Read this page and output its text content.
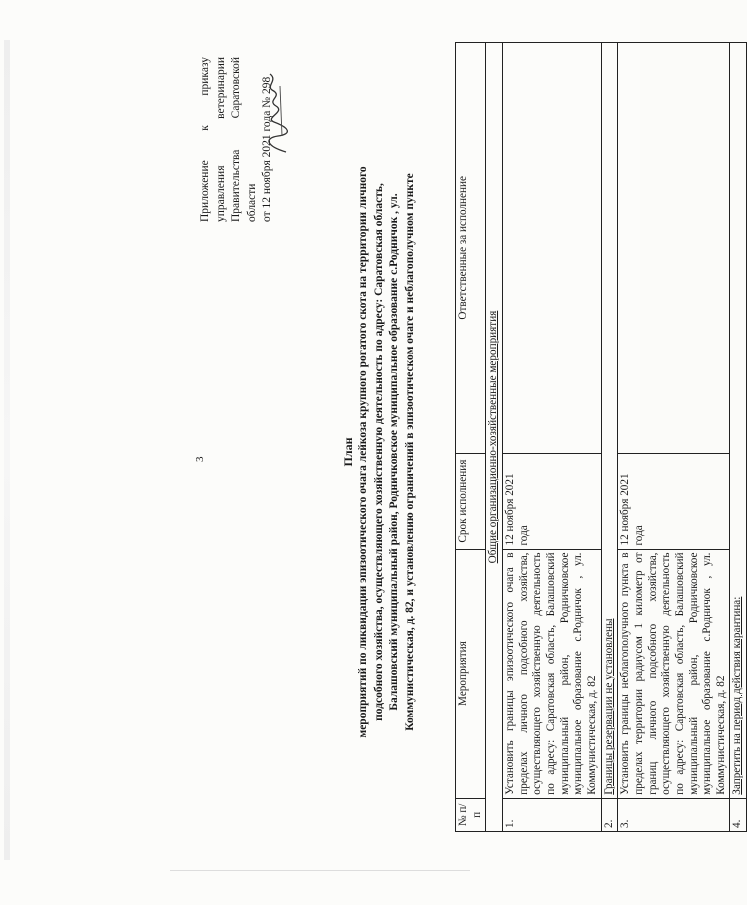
3
Приложение к приказу управления ветеринарии Правительства Саратовской области от 12 ноября 2021 года № 298
План мероприятий по ликвидации эпизоотического очага лейкоза крупного рогатого скота на территории личного подсобного хозяйства, осуществляющего хозяйственную деятельность по адресу: Саратовская область, Балашовский муниципальный район, Родничковское муниципальное образование с.Родничок , ул. Коммунистическая, д. 82, и установлению ограничений в эпизоотическом очаге и неблагополучном пункте
№ п/п	Мероприятия	Срок исполнения	Ответственные за исполнение
Общие организационно-хозяйственные мероприятия			
1.	Установить границы эпизоотического очага в пределах личного подсобного хозяйства, осуществляющего хозяйственную деятельность по адресу: Саратовская область, Балашовский муниципальный район, Родничковское муниципальное образование с.Родничок , ул. Коммунистическая, д. 82	12 ноября 2021 года	
2.	Границы резервации не установлены		
3.	Установить границы неблагополучного пункта в пределах территории радиусом 1 километр от границ личного подсобного хозяйства, осуществляющего хозяйственную деятельность по адресу: Саратовская область, Балашовский муниципальный район, Родничковское муниципальное образование с.Родничок , ул. Коммунистическая, д. 82	12 ноября 2021 года	
4.	Запретить на период действия карантина:		
